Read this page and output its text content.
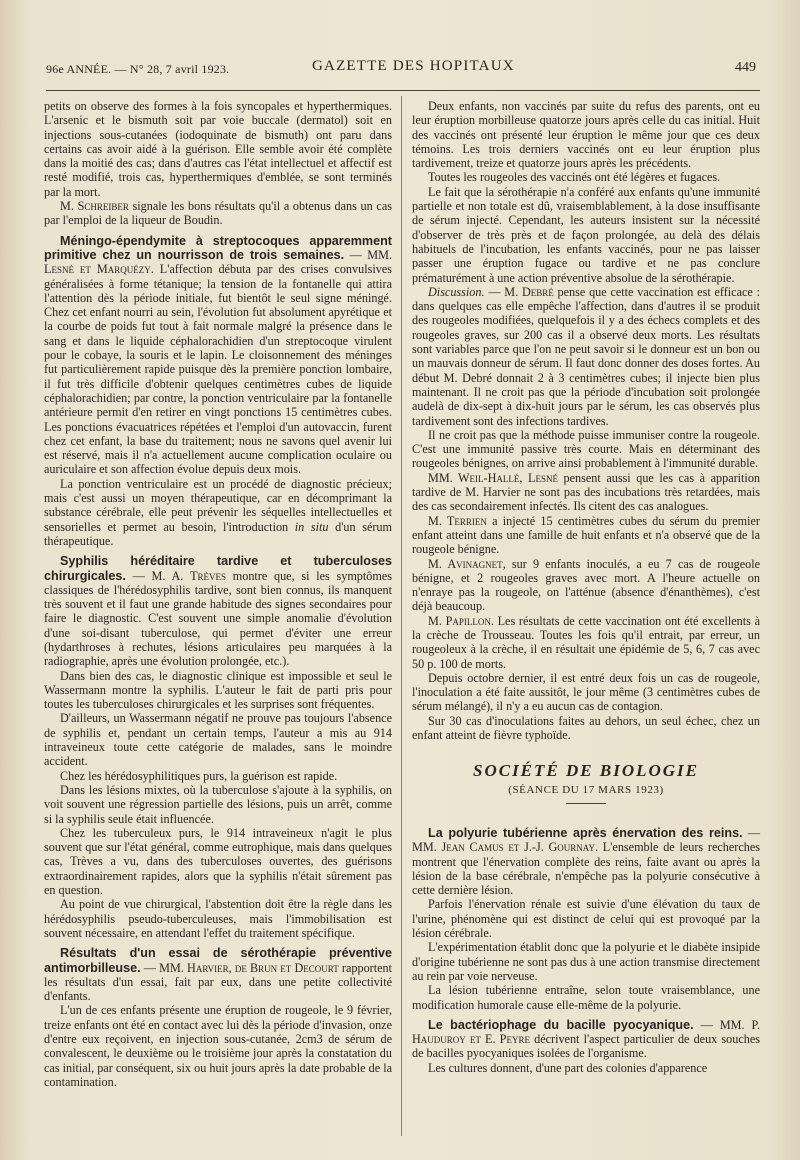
96e ANNÉE. — N° 28, 7 avril 1923.	GAZETTE DES HOPITAUX	449

petits on observe des formes à la fois syncopales et hyperthermiques. L'arsenic et le bismuth soit par voie buccale (dermatol) soit en injections sous-cutanées (iodoquinate de bismuth) ont paru dans certains cas avoir aidé à la guérison. Elle semble avoir été complète dans la moitié des cas; dans d'autres cas l'état intellectuel et affectif est resté modifié, trois cas, hyperthermiques d'emblée, se sont terminés par la mort.

M. Schreiber signale les bons résultats qu'il a obtenus dans un cas par l'emploi de la liqueur de Boudin.

Méningo-épendymite à streptocoques apparemment primitive chez un nourrisson de trois semaines. — MM. Lesné et Marquézy. L'affection débuta par des crises convulsives généralisées à forme tétanique; la tension de la fontanelle qui attira l'attention dès la période initiale, fut bientôt le seul signe méningé. Chez cet enfant nourri au sein, l'évolution fut absolument apyrétique et la courbe de poids fut tout à fait normale malgré la présence dans le sang et dans le liquide céphalorachidien d'un streptocoque virulent pour le cobaye, la souris et le lapin. Le cloisonnement des méninges fut particulièrement rapide puisque dès la première ponction lombaire, il fut très difficile d'obtenir quelques centimètres cubes de liquide céphalorachidien; par contre, la ponction ventriculaire par la fontanelle antérieure permit d'en retirer en vingt ponctions 15 centimètres cubes. Les ponctions évacuatrices répétées et l'emploi d'un autovaccin, furent chez cet enfant, la base du traitement; nous ne savons quel avenir lui est réservé, mais il n'a actuellement aucune complication oculaire ou auriculaire et son affection évolue depuis deux mois.

La ponction ventriculaire est un procédé de diagnostic précieux; mais c'est aussi un moyen thérapeutique, car en décomprimant la substance cérébrale, elle peut prévenir les séquelles intellectuelles et sensorielles et permet au besoin, l'introduction in situ d'un sérum thérapeutique.

Syphilis héréditaire tardive et tuberculoses chirurgicales. — M. A. Trèves montre que, si les symptômes classiques de l'hérédosyphilis tardive, sont bien connus, ils manquent très souvent et il faut une grande habitude des signes secondaires pour faire le diagnostic. C'est souvent une simple anomalie d'évolution d'une soi-disant tuberculose, qui permet d'éviter une erreur (hydarthroses à rechutes, lésions articulaires peu marquées à la radiographie, après une évolution prolongée, etc.).

Dans bien des cas, le diagnostic clinique est impossible et seul le Wassermann montre la syphilis. L'auteur le fait de parti pris pour toutes les tuberculoses chirurgicales et les surprises sont fréquentes.

D'ailleurs, un Wassermann négatif ne prouve pas toujours l'absence de syphilis et, pendant un certain temps, l'auteur a mis au 914 intraveineux toute cette catégorie de malades, sans le moindre accident.

Chez les hérédosyphilitiques purs, la guérison est rapide.

Dans les lésions mixtes, où la tuberculose s'ajoute à la syphilis, on voit souvent une régression partielle des lésions, puis un arrêt, comme si la syphilis seule était influencée.

Chez les tuberculeux purs, le 914 intraveineux n'agit le plus souvent que sur l'état général, comme eutrophique, mais dans quelques cas, Trèves a vu, dans des tuberculoses ouvertes, des guérisons extraordinairement rapides, alors que la syphilis n'était sûrement pas en question.

Au point de vue chirurgical, l'abstention doit être la règle dans les hérédosyphilis pseudo-tuberculeuses, mais l'immobilisation est souvent nécessaire, en attendant l'effet du traitement spécifique.

Résultats d'un essai de sérothérapie préventive antimorbilleuse. — MM. Harvier, de Brun et Decourt rapportent les résultats d'un essai, fait par eux, dans une petite collectivité d'enfants.

L'un de ces enfants présente une éruption de rougeole, le 9 février, treize enfants ont été en contact avec lui dès la période d'invasion, onze d'entre eux reçoivent, en injection sous-cutanée, 2cm3 de sérum de convalescent, le deuxième ou le troisième jour après la constatation du cas initial, par conséquent, six ou huit jours après la date probable de la contamination.

Deux enfants, non vaccinés par suite du refus des parents, ont eu leur éruption morbilleuse quatorze jours après celle du cas initial. Huit des vaccinés ont présenté leur éruption le même jour que ces deux témoins. Les trois derniers vaccinés ont eu leur éruption plus tardivement, treize et quatorze jours après les précédents.

Toutes les rougeoles des vaccinés ont été légères et fugaces.

Le fait que la sérothérapie n'a conféré aux enfants qu'une immunité partielle et non totale est dû, vraisemblablement, à la dose insuffisante de sérum injecté. Cependant, les auteurs insistent sur la nécessité d'observer de très près et de façon prolongée, au delà des délais habituels de l'incubation, les enfants vaccinés, pour ne pas laisser passer une éruption fugace ou tardive et ne pas conclure prématurément à une action préventive absolue de la sérothérapie.

Discussion. — M. Debré pense que cette vaccination est efficace : dans quelques cas elle empêche l'affection, dans d'autres il se produit des rougeoles modifiées, quelquefois il y a des échecs complets et des rougeoles graves, sur 200 cas il a observé deux morts. Les résultats sont variables parce que l'on ne peut savoir si le donneur est un bon ou un mauvais donneur de sérum. Il faut donc donner des doses fortes. Au début M. Debré donnait 2 à 3 centimètres cubes; il injecte bien plus maintenant. Il ne croit pas que la période d'incubation soit prolongée audelà de dix-sept à dix-huit jours par le sérum, les cas observés plus tardivement sont des infections tardives.

Il ne croit pas que la méthode puisse immuniser contre la rougeole. C'est une immunité passive très courte. Mais en déterminant des rougeoles bénignes, on arrive ainsi probablement à l'immunité durable.

MM. Weil-Hallé, Lesné pensent aussi que les cas à apparition tardive de M. Harvier ne sont pas des incubations très retardées, mais des cas secondairement infectés. Ils citent des cas analogues.

M. Terrien a injecté 15 centimètres cubes du sérum du premier enfant atteint dans une famille de huit enfants et n'a observé que de la rougeole bénigne.

M. Avinagnet, sur 9 enfants inoculés, a eu 7 cas de rougeole bénigne, et 2 rougeoles graves avec mort. A l'heure actuelle on n'enraye pas la rougeole, on l'atténue (absence d'énanthèmes), c'est déjà beaucoup.

M. Papillon. Les résultats de cette vaccination ont été excellents à la crèche de Trousseau. Toutes les fois qu'il entrait, par erreur, un rougeoleux à la crèche, il en résultait une épidémie de 5, 6, 7 cas avec 50 p. 100 de morts.

Depuis octobre dernier, il est entré deux fois un cas de rougeole, l'inoculation a été faite aussitôt, le jour même (3 centimètres cubes de sérum mélangé), il n'y a eu aucun cas de contagion.

Sur 30 cas d'inoculations faites au dehors, un seul échec, chez un enfant atteint de fièvre typhoïde.

SOCIÉTÉ DE BIOLOGIE

(SÉANCE DU 17 MARS 1923)

La polyurie tubérienne après énervation des reins. — MM. Jean Camus et J.-J. Gournay. L'ensemble de leurs recherches montrent que l'énervation complète des reins, faite avant ou après la lésion de la base cérébrale, n'empêche pas la polyurie consécutive à cette dernière lésion.

Parfois l'énervation rénale est suivie d'une élévation du taux de l'urine, phénomène qui est distinct de celui qui est provoqué par la lésion cérébrale.

L'expérimentation établit donc que la polyurie et le diabète insipide d'origine tubérienne ne sont pas dus à une action transmise directement au rein par voie nerveuse.

La lésion tubérienne entraîne, selon toute vraisemblance, une modification humorale cause elle-même de la polyurie.

Le bactériophage du bacille pyocyanique. — MM. P. Hauduroy et E. Peyre décrivent l'aspect particulier de deux souches de bacilles pyocyaniques isolées de l'organisme.

Les cultures donnent, d'une part des colonies d'apparence
